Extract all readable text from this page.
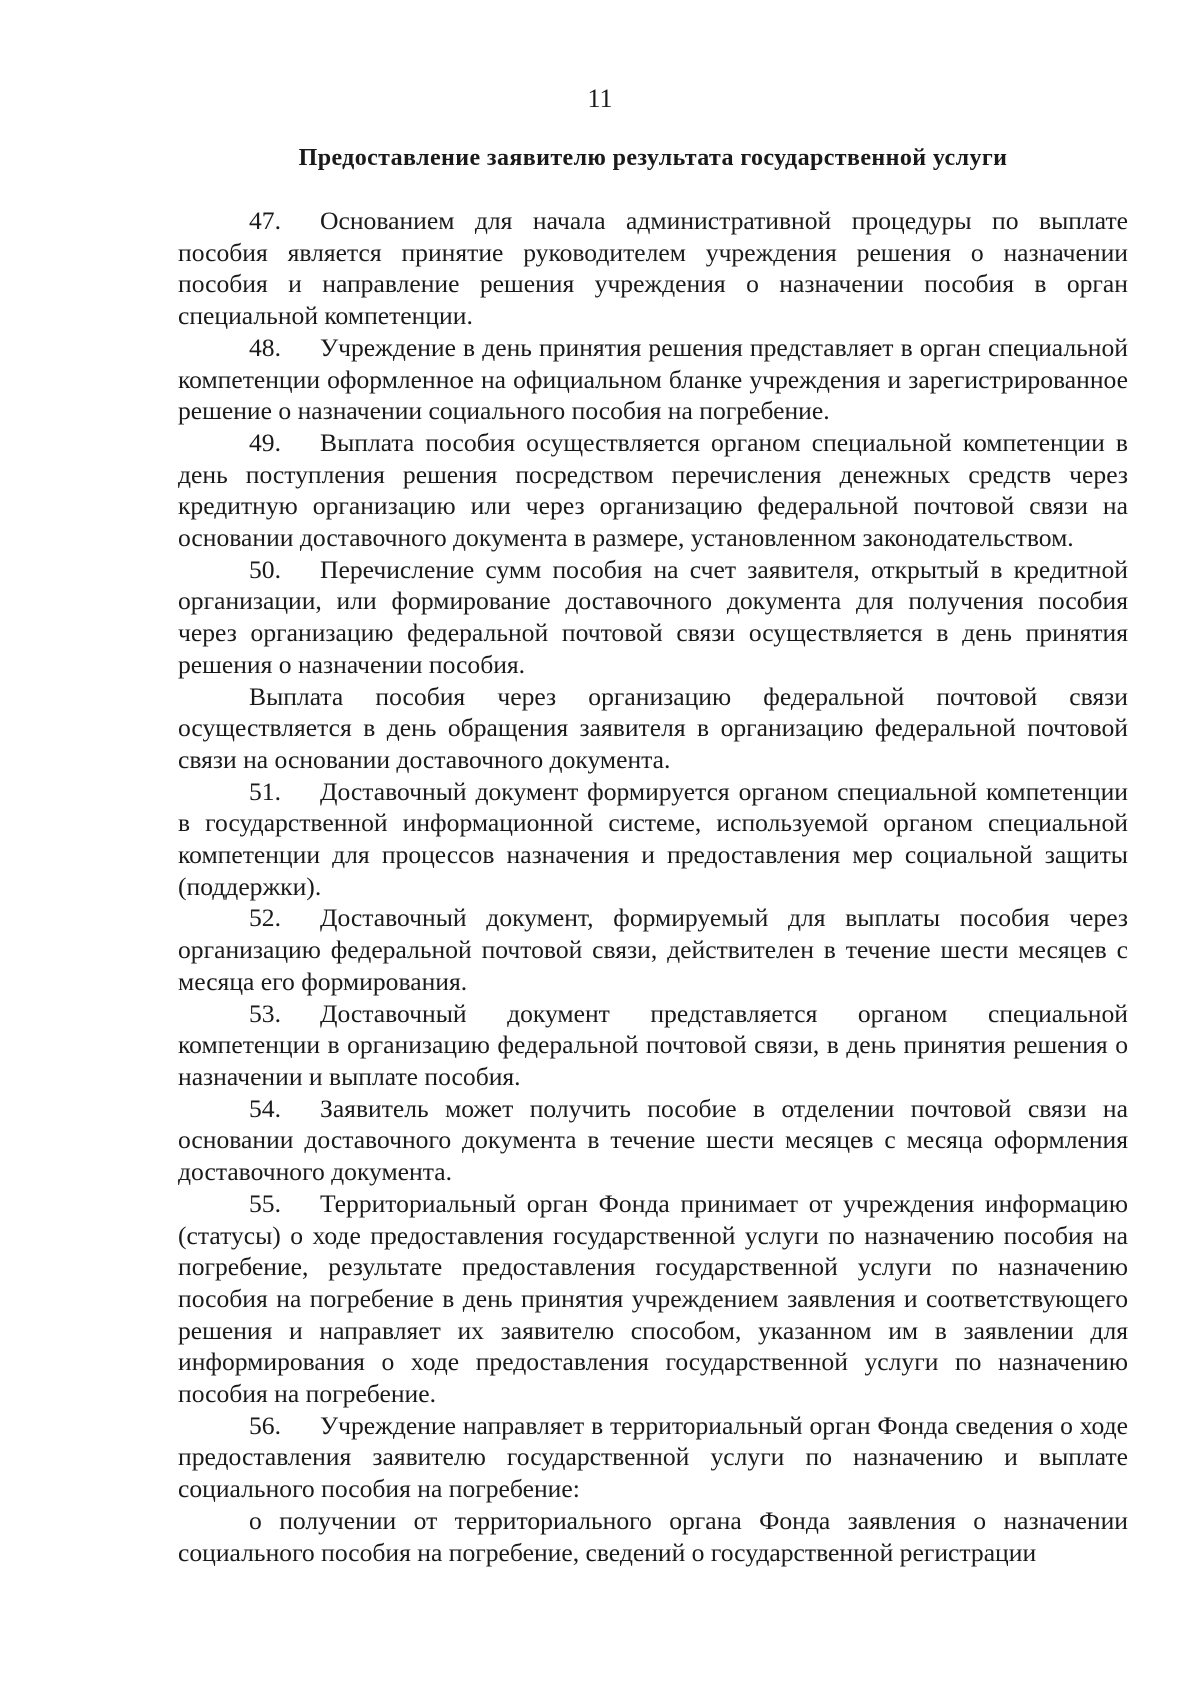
11
Предоставление заявителю результата государственной услуги

47. Основанием для начала административной процедуры по выплате пособия является принятие руководителем учреждения решения о назначении пособия и направление решения учреждения о назначении пособия в орган специальной компетенции.

48. Учреждение в день принятия решения представляет в орган специальной компетенции оформленное на официальном бланке учреждения и зарегистрированное решение о назначении социального пособия на погребение.

49. Выплата пособия осуществляется органом специальной компетенции в день поступления решения посредством перечисления денежных средств через кредитную организацию или через организацию федеральной почтовой связи на основании доставочного документа в размере, установленном законодательством.

50. Перечисление сумм пособия на счет заявителя, открытый в кредитной организации, или формирование доставочного документа для получения пособия через организацию федеральной почтовой связи осуществляется в день принятия решения о назначении пособия.

Выплата пособия через организацию федеральной почтовой связи осуществляется в день обращения заявителя в организацию федеральной почтовой связи на основании доставочного документа.

51. Доставочный документ формируется органом специальной компетенции в государственной информационной системе, используемой органом специальной компетенции для процессов назначения и предоставления мер социальной защиты (поддержки).

52. Доставочный документ, формируемый для выплаты пособия через организацию федеральной почтовой связи, действителен в течение шести месяцев с месяца его формирования.

53. Доставочный документ представляется органом специальной компетенции в организацию федеральной почтовой связи, в день принятия решения о назначении и выплате пособия.

54. Заявитель может получить пособие в отделении почтовой связи на основании доставочного документа в течение шести месяцев с месяца оформления доставочного документа.

55. Территориальный орган Фонда принимает от учреждения информацию (статусы) о ходе предоставления государственной услуги по назначению пособия на погребение, результате предоставления государственной услуги по назначению пособия на погребение в день принятия учреждением заявления и соответствующего решения и направляет их заявителю способом, указанном им в заявлении для информирования о ходе предоставления государственной услуги по назначению пособия на погребение.

56. Учреждение направляет в территориальный орган Фонда сведения о ходе предоставления заявителю государственной услуги по назначению и выплате социального пособия на погребение:

о получении от территориального органа Фонда заявления о назначении социального пособия на погребение, сведений о государственной регистрации
